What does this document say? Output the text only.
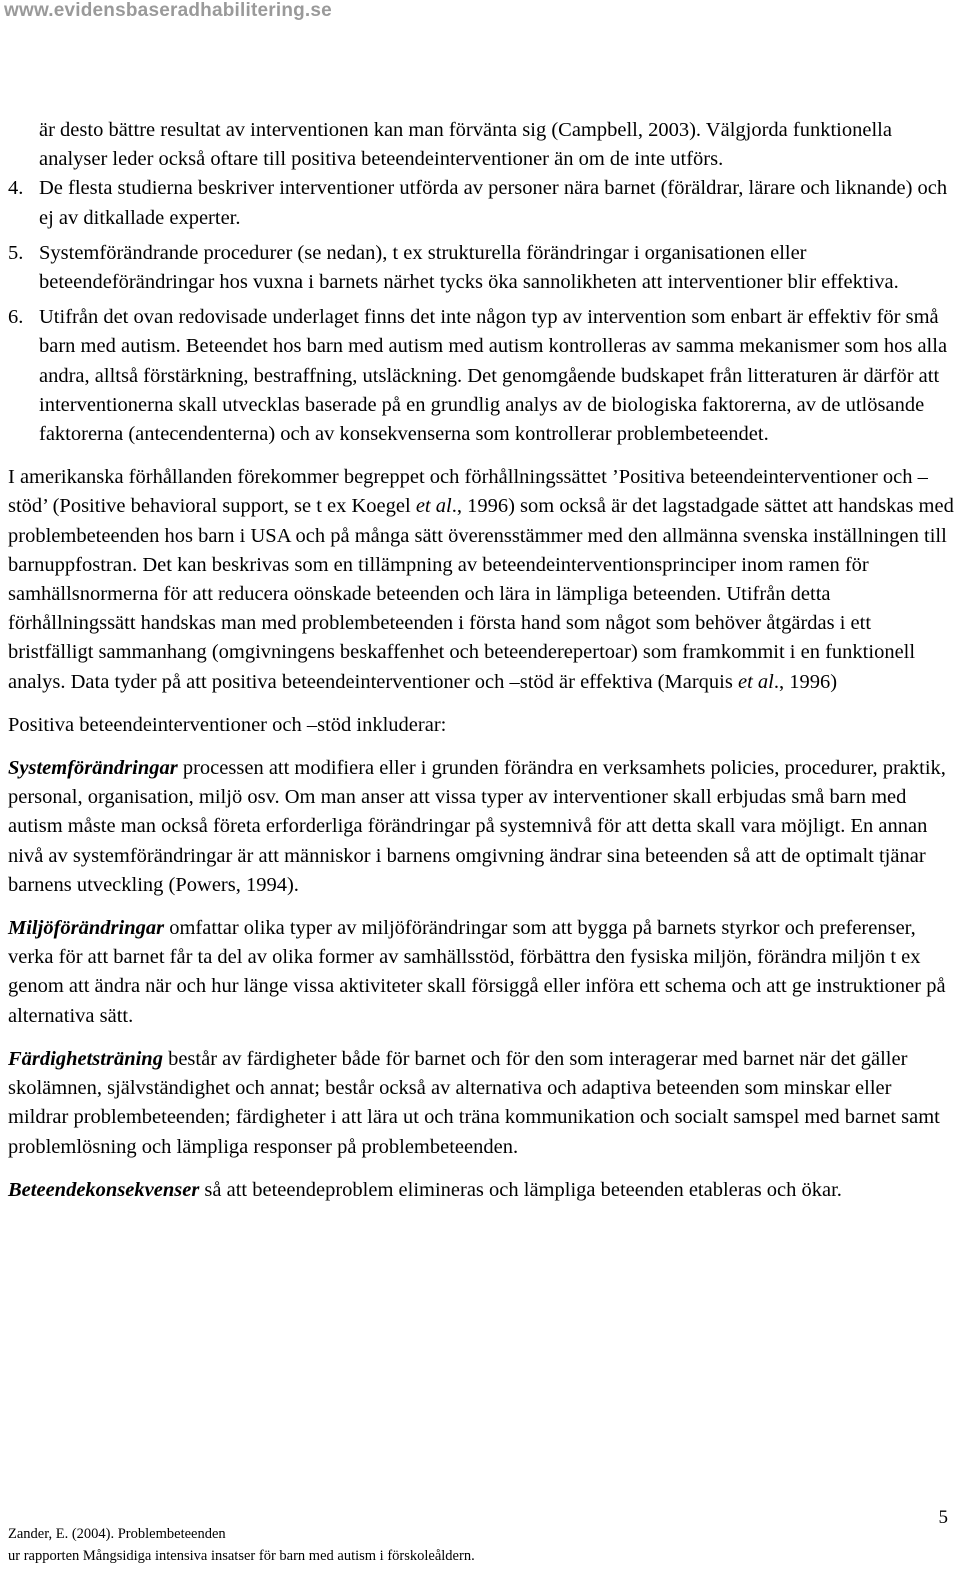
www.evidensbaseradhabilitering.se

är desto bättre resultat av interventionen kan man förvänta sig (Campbell, 2003). Välgjorda funktionella analyser leder också oftare till positiva beteendeinterventioner än om de inte utförs.

4. De flesta studierna beskriver interventioner utförda av personer nära barnet (föräldrar, lärare och liknande) och ej av ditkallade experter.
5. Systemförändrande procedurer (se nedan), t ex strukturella förändringar i organisationen eller beteendeförändringar hos vuxna i barnets närhet tycks öka sannolikheten att interventioner blir effektiva.
6. Utifrån det ovan redovisade underlaget finns det inte någon typ av intervention som enbart är effektiv för små barn med autism. Beteendet hos barn med autism med autism kontrolleras av samma mekanismer som hos alla andra, alltså förstärkning, bestraffning, utsläckning. Det genomgående budskapet från litteraturen är därför att interventionerna skall utvecklas baserade på en grundlig analys av de biologiska faktorerna, av de utlösande faktorerna (antecendenterna) och av konsekvenserna som kontrollerar problembeteendet.

I amerikanska förhållanden förekommer begreppet och förhållningssättet ’Positiva beteendeinterventioner och –stöd’ (Positive behavioral support, se t ex Koegel et al., 1996) som också är det lagstadgade sättet att handskas med problembeteenden hos barn i USA och på många sätt överensstämmer med den allmänna svenska inställningen till barnuppfostran. Det kan beskrivas som en tillämpning av beteendeinterventionsprinciper inom ramen för samhällsnormerna för att reducera oönskade beteenden och lära in lämpliga beteenden. Utifrån detta förhållningssätt handskas man med problembeteenden i första hand som något som behöver åtgärdas i ett bristfälligt sammanhang (omgivningens beskaffenhet och beteenderepertoar) som framkommit i en funktionell analys. Data tyder på att positiva beteendeinterventioner och –stöd är effektiva (Marquis et al., 1996)

Positiva beteendeinterventioner och –stöd inkluderar:

Systemförändringar processen att modifiera eller i grunden förändra en verksamhets policies, procedurer, praktik, personal, organisation, miljö osv. Om man anser att vissa typer av interventioner skall erbjudas små barn med autism måste man också företa erforderliga förändringar på systemnivå för att detta skall vara möjligt. En annan nivå av systemförändringar är att människor i barnens omgivning ändrar sina beteenden så att de optimalt tjänar barnens utveckling (Powers, 1994).

Miljöförändringar omfattar olika typer av miljöförändringar som att bygga på barnets styrkor och preferenser, verka för att barnet får ta del av olika former av samhällsstöd, förbättra den fysiska miljön, förändra miljön t ex genom att ändra när och hur länge vissa aktiviteter skall försiggå eller införa ett schema och att ge instruktioner på alternativa sätt.

Färdighetsträning består av färdigheter både för barnet och för den som interagerar med barnet när det gäller skolämnen, självständighet och annat; består också av alternativa och adaptiva beteenden som minskar eller mildrar problembeteenden; färdigheter i att lära ut och träna kommunikation och socialt samspel med barnet samt problemlösning och lämpliga responser på problembeteenden.

Beteendekonsekvenser så att beteendeproblem elimineras och lämpliga beteenden etableras och ökar.

5
Zander, E. (2004). Problembeteenden
ur rapporten Mångsidiga intensiva insatser för barn med autism i förskoleåldern.
